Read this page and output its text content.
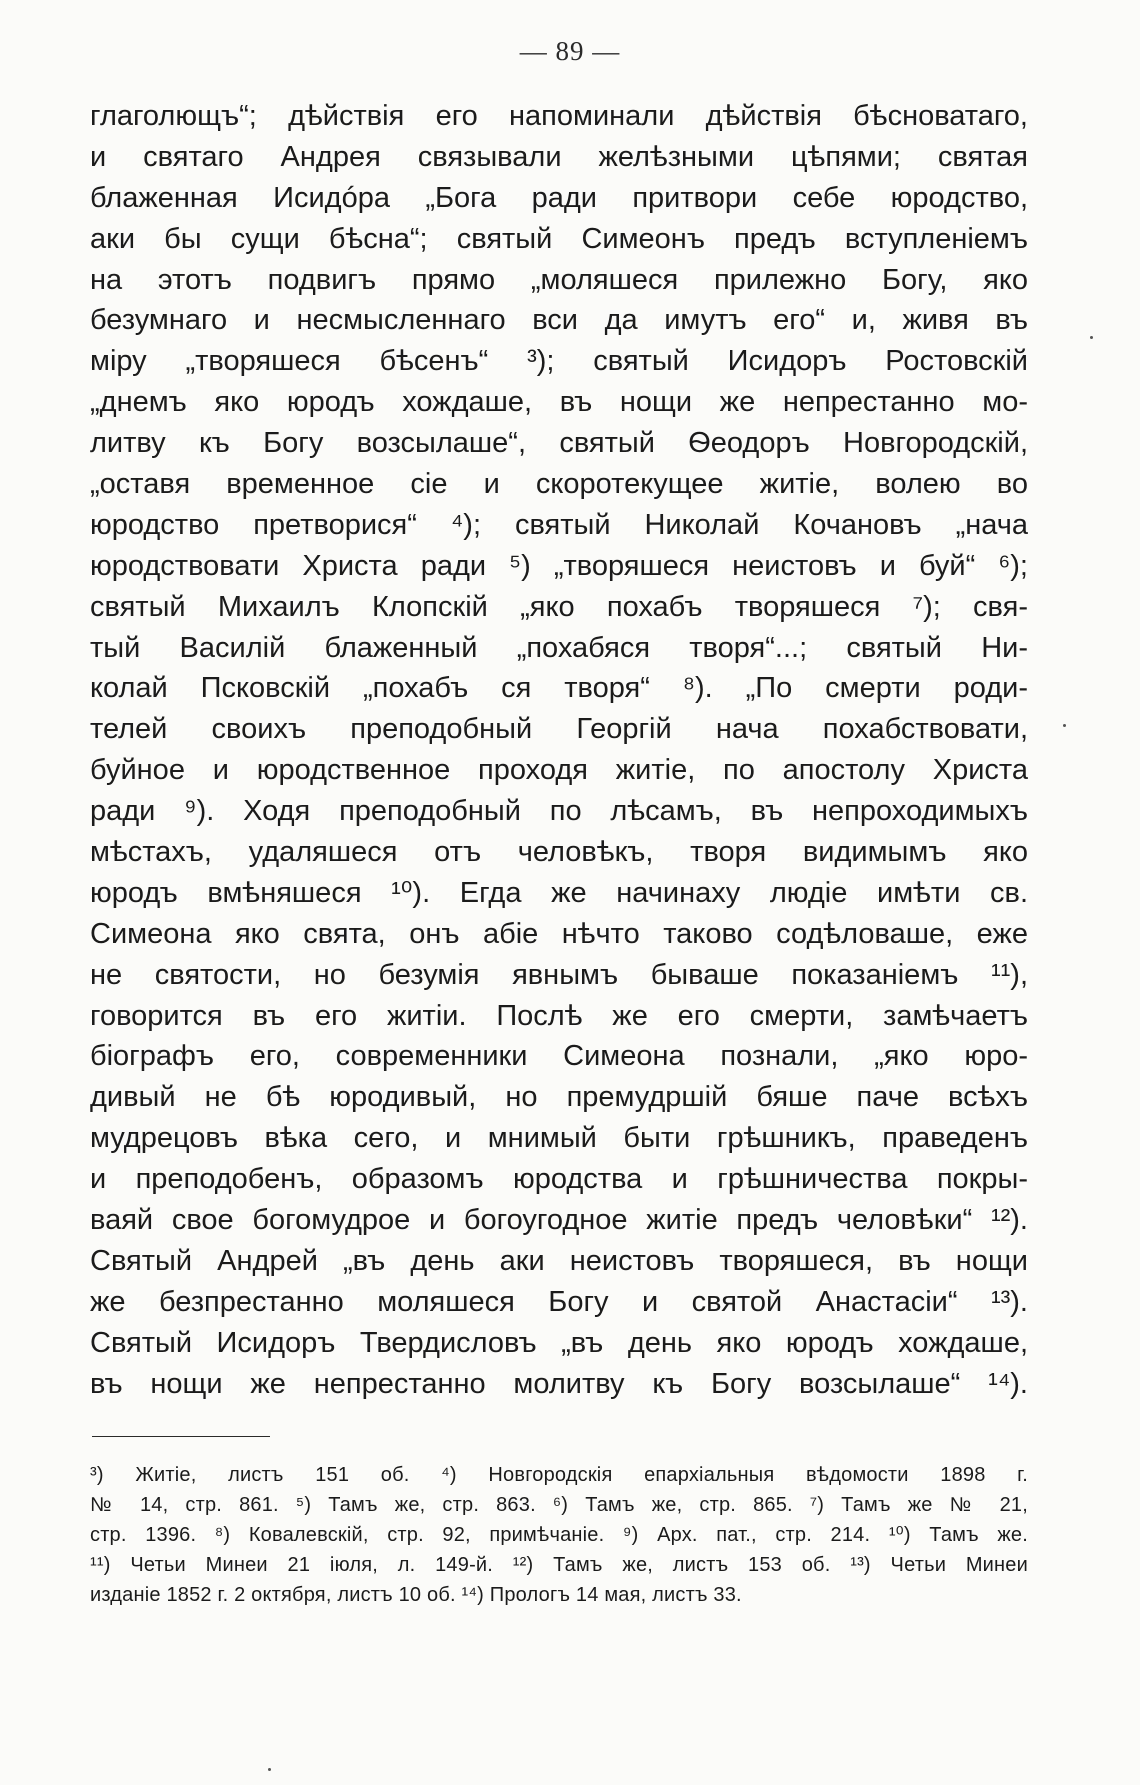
— 89 —
глаголющъ“; дѣйствія его напоминали дѣйствія бѣсноватаго,
и святаго Андрея связывали желѣзными цѣпями; святая
блаженная Исидóра „Бога ради притвори себе юродство,
аки бы сущи бѣсна“; святый Симеонъ предъ вступленіемъ
на этотъ подвигъ прямо „моляшеся прилежно Богу, яко
безумнаго и несмысленнаго вси да имутъ его“ и, живя въ
міру „творяшеся бѣсенъ“ ³); святый Исидоръ Ростовскій
„днемъ яко юродъ хождаше, въ нощи же непрестанно мо-
литву къ Богу возсылаше“, святый Ѳеодоръ Новгородскій,
„оставя временное сіе и скоротекущее житіе, волею во
юродство претворися“ ⁴); святый Николай Кочановъ „нача
юродствовати Христа ради ⁵) „творяшеся неистовъ и буй“ ⁶);
святый Михаилъ Клопскій „яко похабъ творяшеся ⁷); свя-
тый Василій блаженный „похабяся творя“...; святый Ни-
колай Псковскій „похабъ ся творя“ ⁸). „По смерти роди-
телей своихъ преподобный Георгій нача похабствовати,
буйное и юродственное проходя житіе, по апостолу Христа
ради ⁹). Ходя преподобный по лѣсамъ, въ непроходимыхъ
мѣстахъ, удаляшеся отъ человѣкъ, творя видимымъ яко
юродъ вмѣняшеся ¹⁰). Егда же начинаху людіе имѣти св.
Симеона яко свята, онъ абіе нѣчто таково содѣловаше, еже
не святости, но безумія явнымъ бываше показаніемъ ¹¹),
говорится въ его житіи. Послѣ же его смерти, замѣчаетъ
біографъ его, современники Симеона познали, „яко юро-
дивый не бѣ юродивый, но премудршій бяше паче всѣхъ
мудрецовъ вѣка сего, и мнимый быти грѣшникъ, праведенъ
и преподобенъ, образомъ юродства и грѣшничества покры-
ваяй свое богомудрое и богоугодное житіе предъ человѣки“ ¹²).
Святый Андрей „въ день аки неистовъ творяшеся, въ нощи
же безпрестанно моляшеся Богу и святой Анастасіи“ ¹³).
Святый Исидоръ Твердисловъ „въ день яко юродъ хождаше,
въ нощи же непрестанно молитву къ Богу возсылаше“ ¹⁴).
³) Житіе, листъ 151 об. ⁴) Новгородскія епархіальныя вѣдомости 1898 г.
№ 14, стр. 861. ⁵) Тамъ же, стр. 863. ⁶) Тамъ же, стр. 865. ⁷) Тамъ же № 21,
стр. 1396. ⁸) Ковалевскій, стр. 92, примѣчаніе. ⁹) Арх. пат., стр. 214. ¹⁰) Тамъ же.
¹¹) Четьи Минеи 21 іюля, л. 149-й. ¹²) Тамъ же, листъ 153 об. ¹³) Четьи Минеи
изданіе 1852 г. 2 октября, листъ 10 об. ¹⁴) Прологъ 14 мая, листъ 33.
